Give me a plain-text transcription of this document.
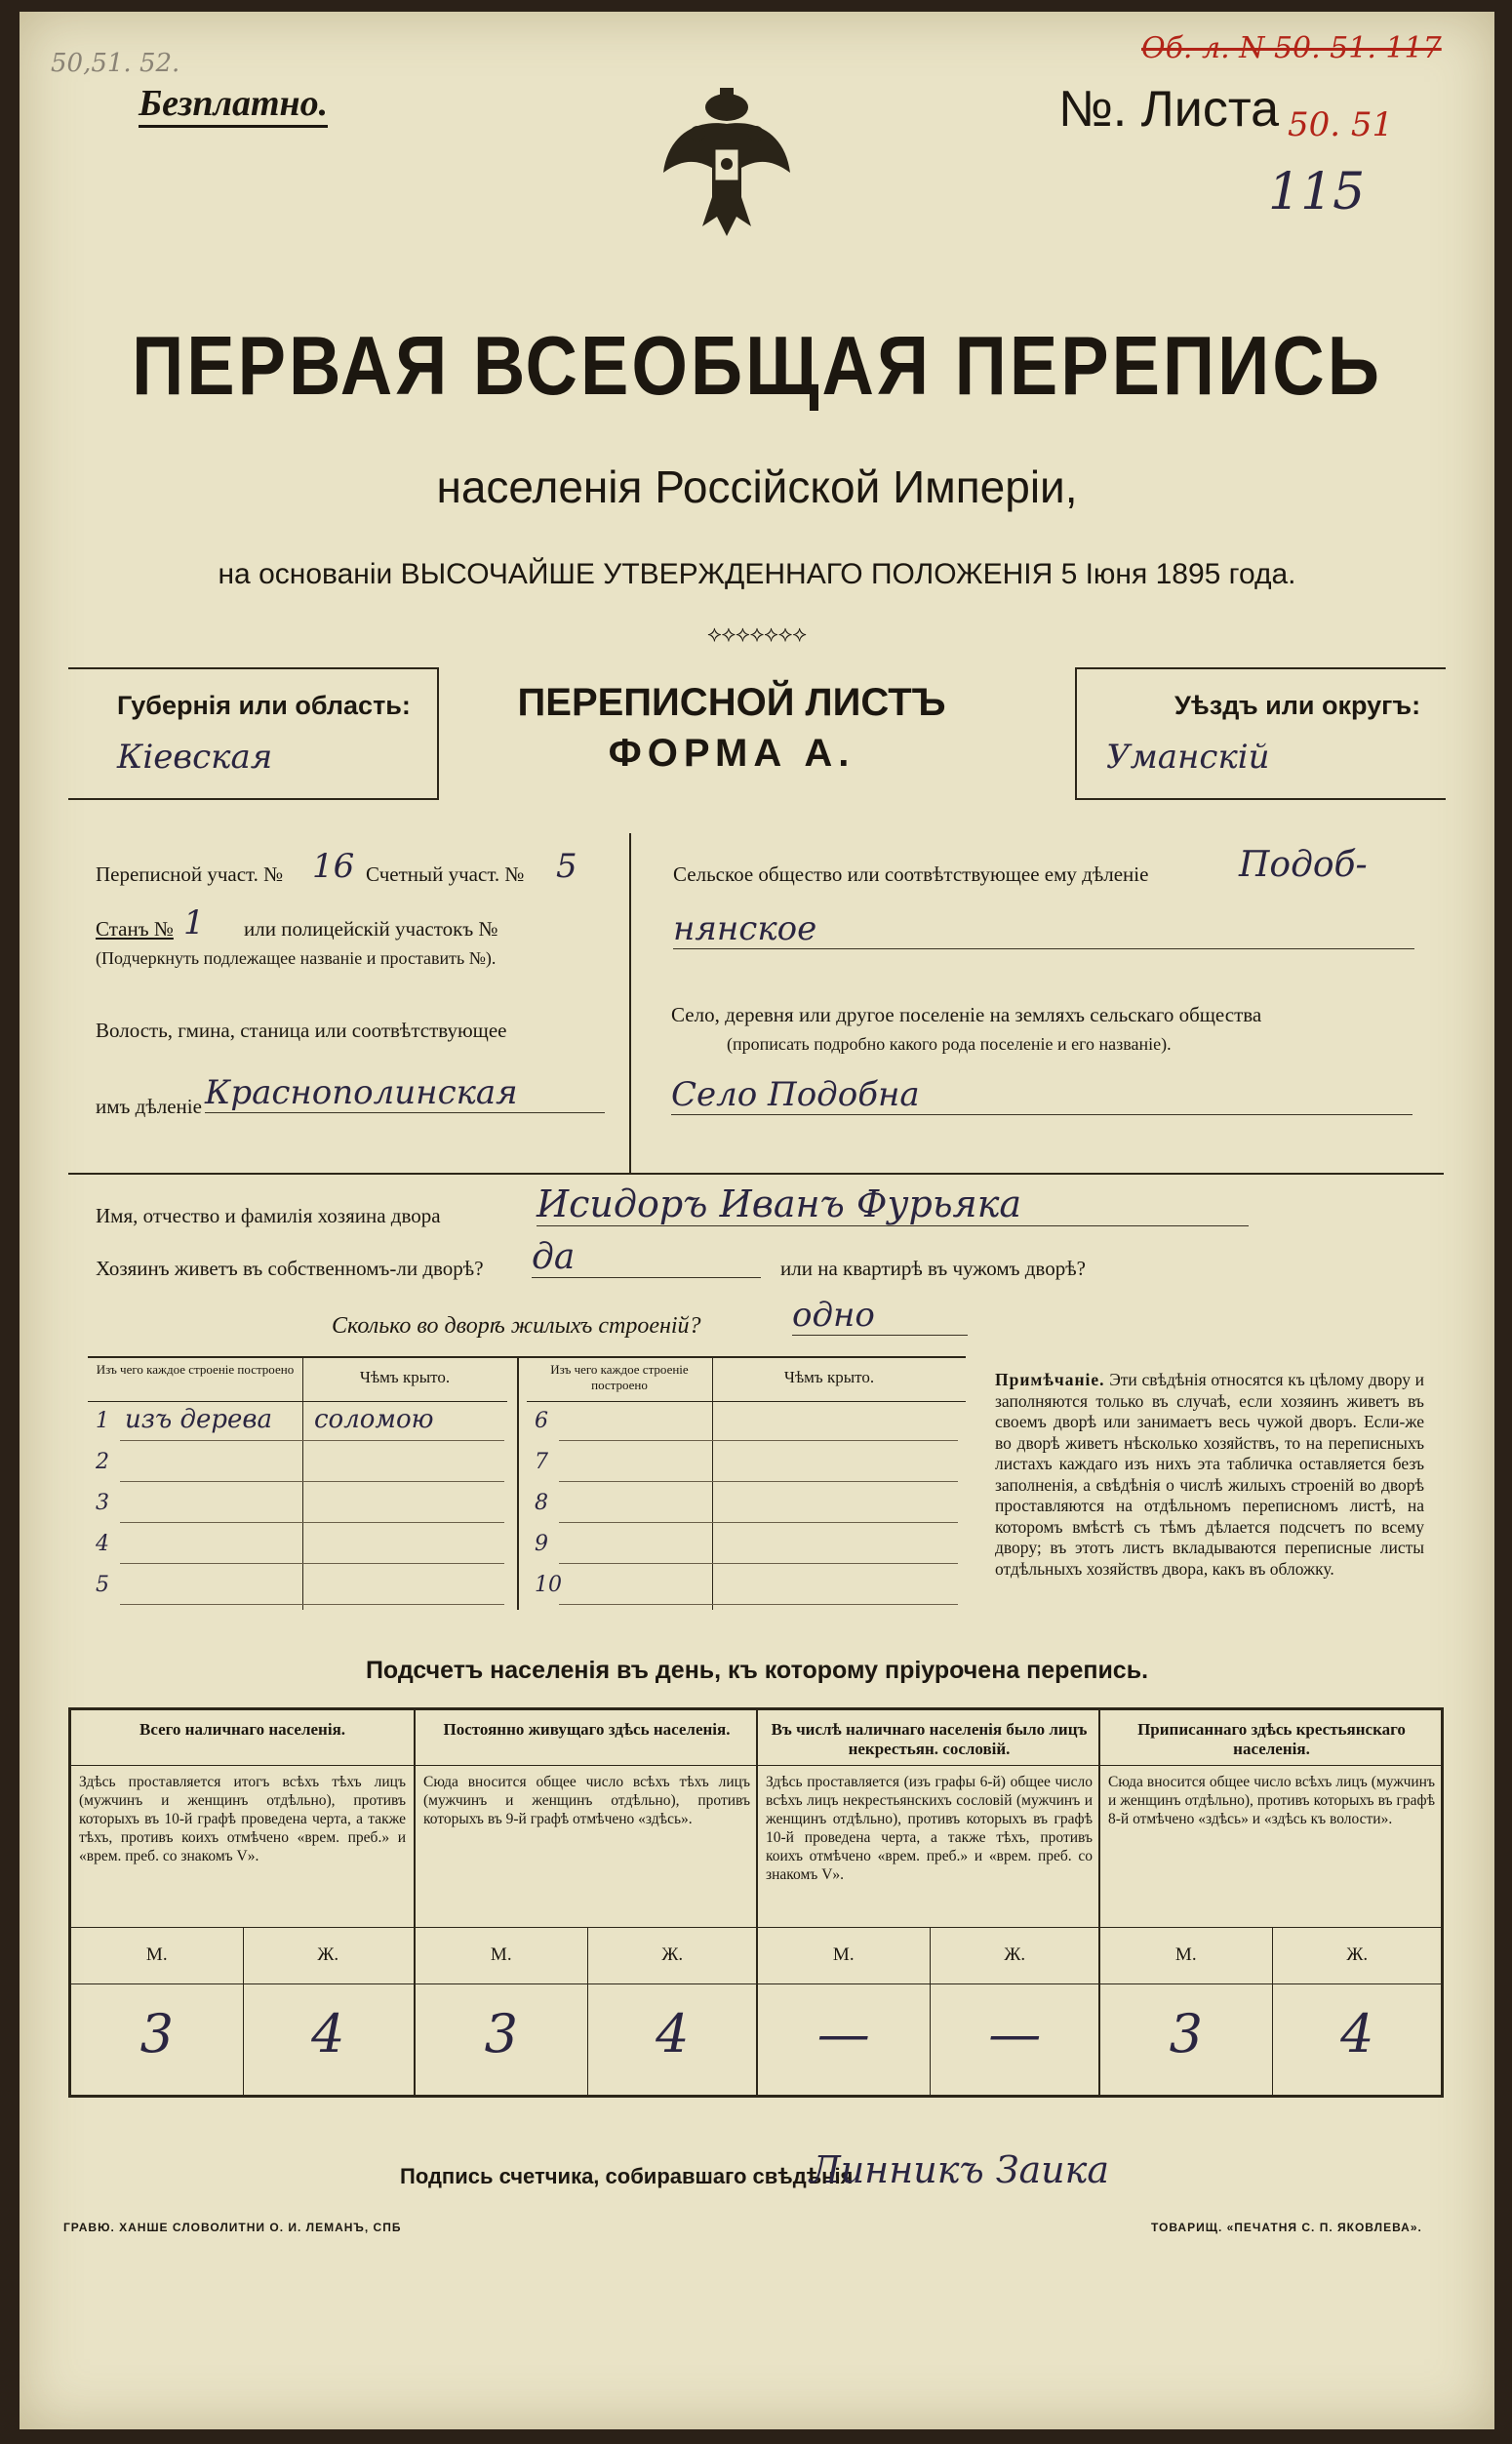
50,51. 52.
Безплатно.
Об. л. N 50. 51. 117
№. Листа 50. 51
115
ПЕРВАЯ ВСЕОБЩАЯ ПЕРЕПИСЬ
населенія Россійской Имперіи,
на основаніи ВЫСОЧАЙШЕ УТВЕРЖДЕННАГО ПОЛОЖЕНІЯ 5 Іюня 1895 года.
⟡⟡⟡⟡⟡⟡⟡
Губернія или область:
Кіевская
ПЕРЕПИСНОЙ ЛИСТЪ
ФОРМА А.
Уѣздъ или округъ:
Уманскій
Переписной участ. № 16 Счетный участ. № 5
Станъ № 1 или полицейскій участокъ №
(Подчеркнуть подлежащее названіе и проставить №).
Волость, гмина, станица или соотвѣтствующее
имъ дѣленіе Краснополинская
Сельское общество или соотвѣтствующее ему дѣленіе	Подоб-
нянское
Село, деревня или другое поселеніе на земляхъ сельскаго общества
(прописать подробно какого рода поселеніе и его названіе).
Село Подобна
Имя, отчество и фамилія хозяина двора	Исидоръ Иванъ Фурьяка
Хозяинъ живетъ въ собственномъ-ли дворѣ? да	или на квартирѣ въ чужомъ дворѣ?
Сколько во дворѣ жилыхъ строеній?	одно
Изъ чего каждое строеніе построено	Чѣмъ крыто.	Изъ чего каждое строеніе построено	Чѣмъ крыто.
1 изъ дерева	соломою
2
3
4
5
6
7
8
9
10
Примѣчаніе. Эти свѣдѣнія относятся къ цѣлому двору и заполняются только въ случаѣ, если хозяинъ живетъ въ своемъ дворѣ или занимаетъ весь чужой дворъ. Если-же во дворѣ живетъ нѣсколько хозяйствъ, то на переписныхъ листахъ каждаго изъ нихъ эта табличка оставляется безъ заполненія, а свѣдѣнія о числѣ жилыхъ строеній во дворѣ проставляются на отдѣльномъ переписномъ листѣ, на которомъ вмѣстѣ съ тѣмъ дѣлается подсчетъ по всему двору; въ этотъ листъ вкладываются переписные листы отдѣльныхъ хозяйствъ двора, какъ въ обложку.
Подсчетъ населенія въ день, къ которому пріурочена перепись.
Всего наличнаго населенія.
Здѣсь проставляется итогъ всѣхъ тѣхъ лицъ (мужчинъ и женщинъ отдѣльно), противъ которыхъ въ 10-й графѣ проведена черта, а также тѣхъ, противъ коихъ отмѣчено «врем. преб.» и «врем. преб. со знакомъ V».
М.	Ж.
3	4
Постоянно живущаго здѣсь населенія.
Сюда вносится общее число всѣхъ тѣхъ лицъ (мужчинъ и женщинъ отдѣльно), противъ которыхъ въ 9-й графѣ отмѣчено «здѣсь».
М.	Ж.
3	4
Въ числѣ наличнаго населенія было лицъ некрестьян. сословій.
Здѣсь проставляется (изъ графы 6-й) общее число всѣхъ лицъ некрестьянскихъ сословій (мужчинъ и женщинъ отдѣльно), противъ которыхъ въ графѣ 10-й проведена черта, а также тѣхъ, противъ коихъ отмѣчено «врем. преб.» и «врем. преб. со знакомъ V».
М.	Ж.
—	—
Приписаннаго здѣсь крестьянскаго населенія.
Сюда вносится общее число всѣхъ лицъ (мужчинъ и женщинъ отдѣльно), противъ которыхъ въ графѣ 8-й отмѣчено «здѣсь» и «здѣсь къ волости».
М.	Ж.
3	4
Подпись счетчика, собиравшаго свѣдѣнія
Линникъ Заика
ГРАВЮ. ХАНШЕ СЛОВОЛИТНИ О. И. ЛЕМАНЪ, СПБ	ТОВАРИЩ. «ПЕЧАТНЯ С. П. ЯКОВЛЕВА».
